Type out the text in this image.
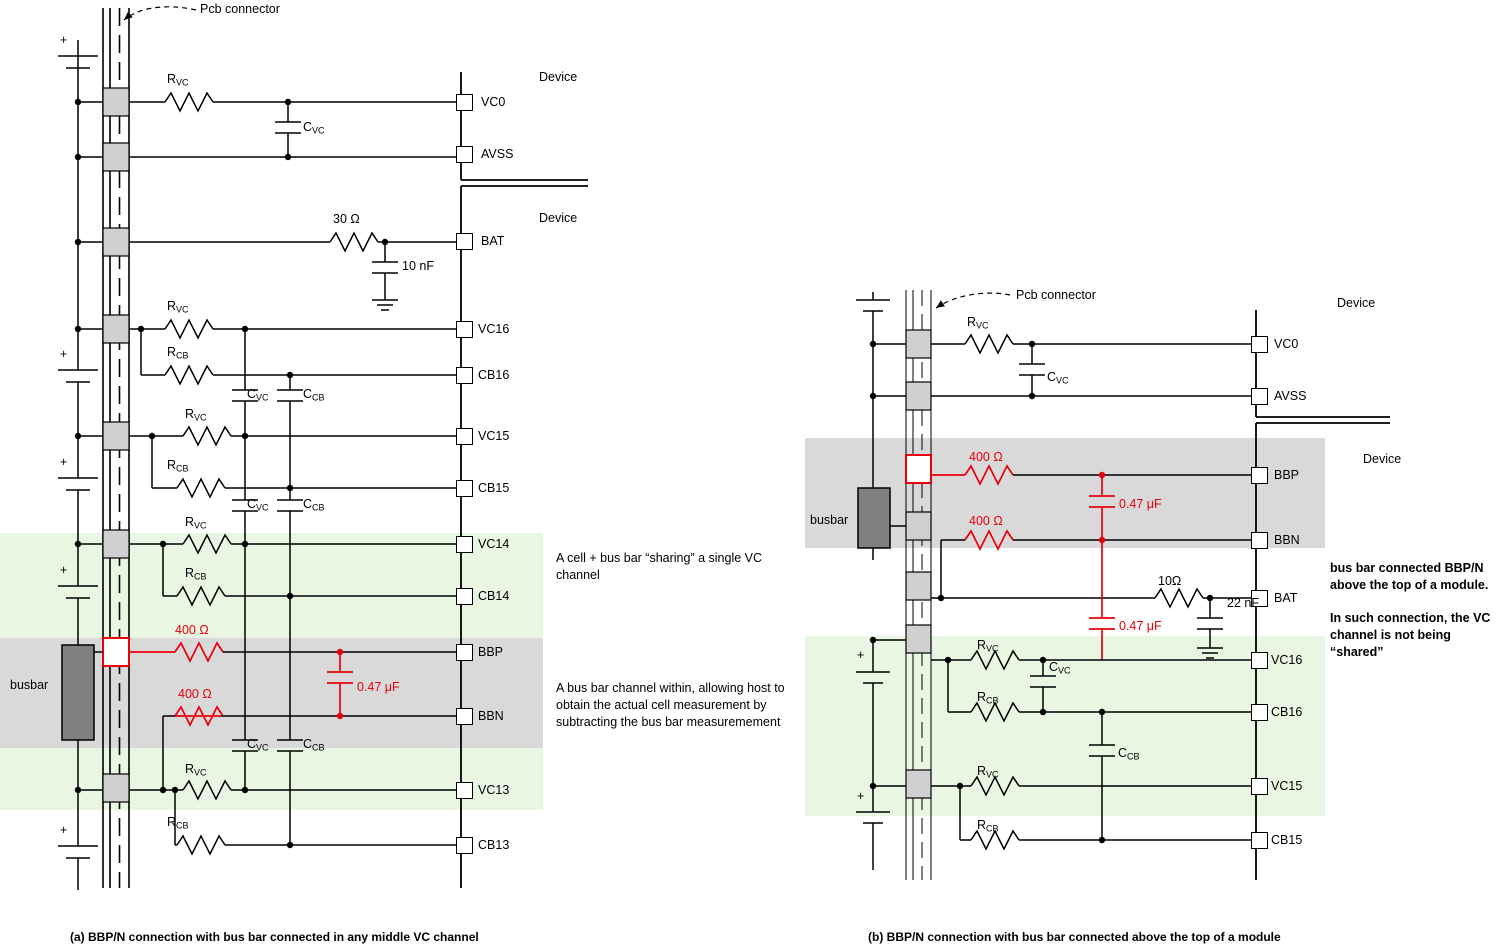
VC0
AVSS
BAT
VC16
CB16
VC15
CB15
VC14
CB14
BBP
BBN
VC13
CB13
Pcb connector
Device
Device
busbar
$R_{VC}$
$C_{VC}$
30 Ω
10 nF
$R_{VC}$
$R_{CB}$
$C_{VC}$	$C_{CB}$
$R_{VC}$
$R_{CB}$
$C_{VC}$	$C_{CB}$
$R_{VC}$
$R_{CB}$
$C_{VC}$	$C_{CB}$
400 Ω
400 Ω	0.47 μF
$R_{VC}$
$R_{CB}$
A cell + bus bar “sharing” a single VC channel
A bus bar channel within, allowing host to obtain the actual cell measurement by subtracting the bus bar measuremement
(a) BBP/N connection with bus bar connected in any middle VC channel
VC0
AVSS
BBP
BBN
BAT
VC16
CB16
VC15
CB15
Pcb connector
Device
Device
busbar
$R_{VC}$
$C_{VC}$
400 Ω
400 Ω
0.47 μF
0.47 μF
10Ω
22 nF
$R_{VC}$
$R_{CB}$
$C_{VC}$
$C_{CB}$
$R_{VC}$
$R_{CB}$
bus bar connected BBP/N above the top of a module.
In such connection, the VC channel is not being “shared”
(b) BBP/N connection with bus bar connected above the top of a module
+
+
+
+
+
+
+
